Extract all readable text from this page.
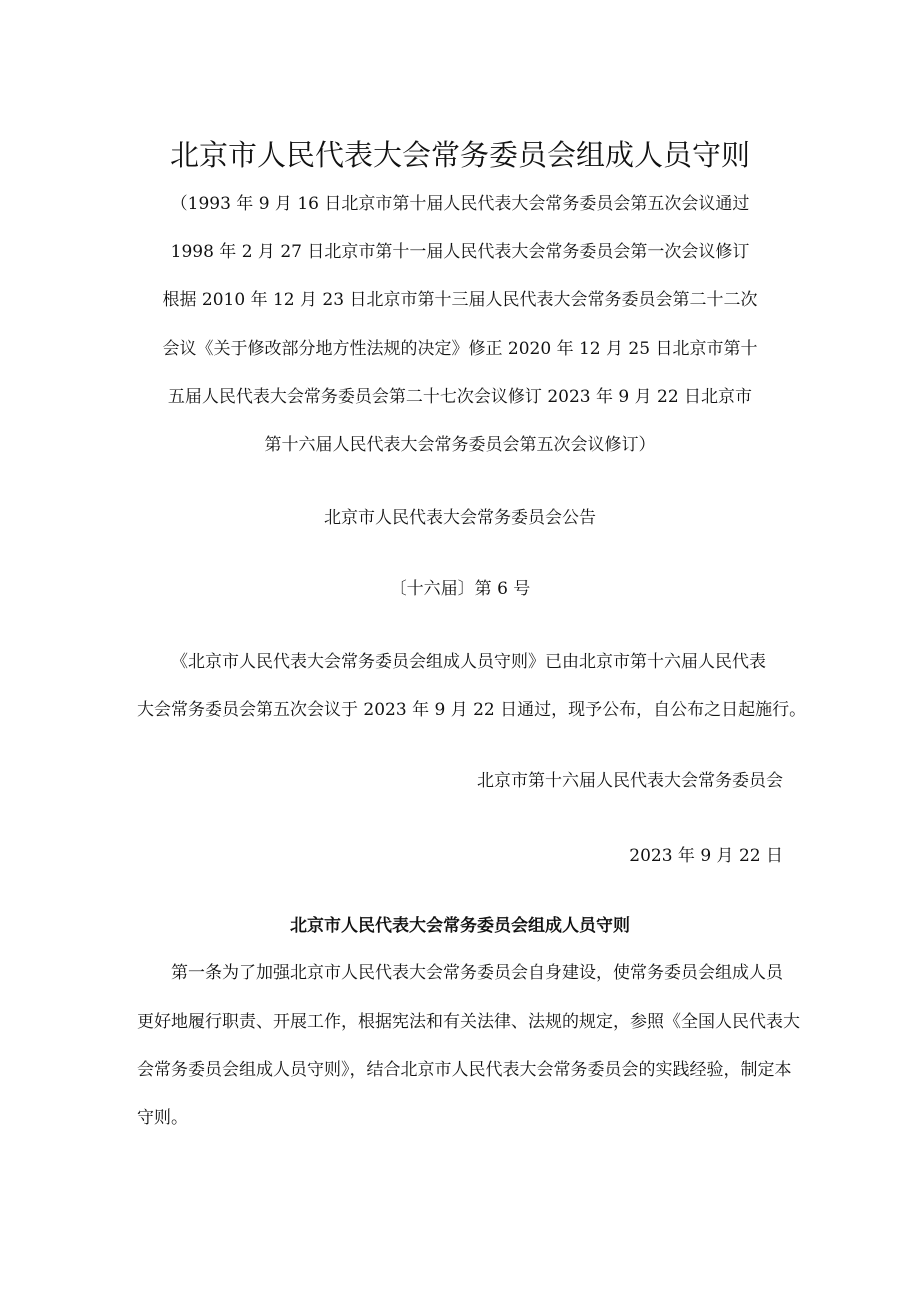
北京市人民代表大会常务委员会组成人员守则
（1993 年 9 月 16 日北京市第十届人民代表大会常务委员会第五次会议通过
1998 年 2 月 27 日北京市第十一届人民代表大会常务委员会第一次会议修订
根据 2010 年 12 月 23 日北京市第十三届人民代表大会常务委员会第二十二次
会议《关于修改部分地方性法规的决定》修正 2020 年 12 月 25 日北京市第十
五届人民代表大会常务委员会第二十七次会议修订 2023 年 9 月 22 日北京市
第十六届人民代表大会常务委员会第五次会议修订）
北京市人民代表大会常务委员会公告
〔十六届〕第 6 号
《北京市人民代表大会常务委员会组成人员守则》已由北京市第十六届人民代表
大会常务委员会第五次会议于 2023 年 9 月 22 日通过，现予公布，自公布之日起施行。
北京市第十六届人民代表大会常务委员会
2023 年 9 月 22 日
北京市人民代表大会常务委员会组成人员守则
第一条为了加强北京市人民代表大会常务委员会自身建设，使常务委员会组成人员
更好地履行职责、开展工作，根据宪法和有关法律、法规的规定，参照《全国人民代表大
会常务委员会组成人员守则》，结合北京市人民代表大会常务委员会的实践经验，制定本
守则。
